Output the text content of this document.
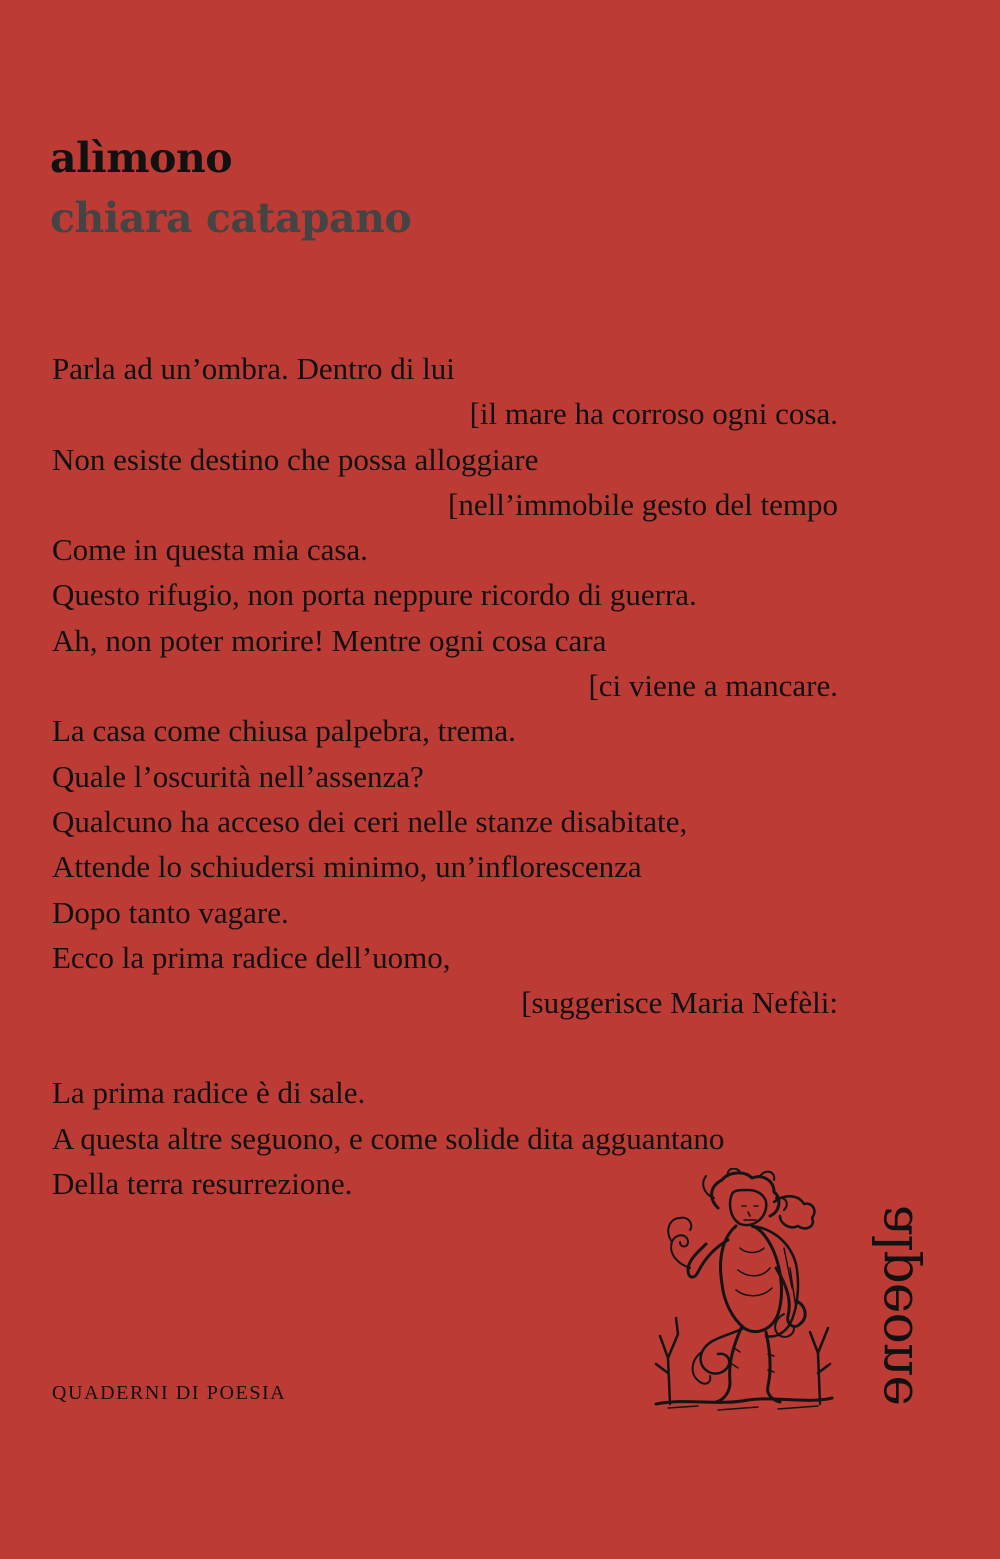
alìmono
chiara catapano
Parla ad un’ombra. Dentro di lui
[il mare ha corroso ogni cosa.
Non esiste destino che possa alloggiare
[nell’immobile gesto del tempo
Come in questa mia casa.
Questo rifugio, non porta neppure ricordo di guerra.
Ah, non poter morire! Mentre ogni cosa cara
[ci viene a mancare.
La casa come chiusa palpebra, trema.
Quale l’oscurità nell’assenza?
Qualcuno ha acceso dei ceri nelle stanze disabitate,
Attende lo schiudersi minimo, un’inflorescenza
Dopo tanto vagare.
Ecco la prima radice dell’uomo,
[suggerisce Maria Nefèli:
La prima radice è di sale.
A questa altre seguono, e come solide dita agguantano
Della terra resurrezione.
QUADERNI DI POESIA	alpeone
